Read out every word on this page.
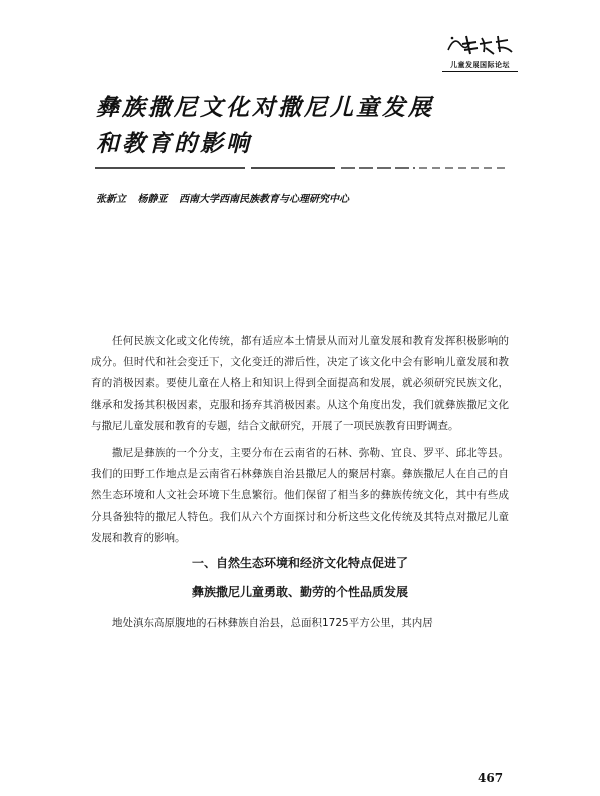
儿童发展国际论坛
彝族撒尼文化对撒尼儿童发展
和教育的影响
张新立 杨静亚 西南大学西南民族教育与心理研究中心

任何民族文化或文化传统，都有适应本土情景从而对儿童发展和教育发挥积极影响的成分。但时代和社会变迁下，文化变迁的滞后性，决定了该文化中会有影响儿童发展和教育的消极因素。要使儿童在人格上和知识上得到全面提高和发展，就必须研究民族文化，继承和发扬其积极因素，克服和扬弃其消极因素。从这个角度出发，我们就彝族撒尼文化与撒尼儿童发展和教育的专题，结合文献研究，开展了一项民族教育田野调查。

撒尼是彝族的一个分支，主要分布在云南省的石林、弥勒、宜良、罗平、邱北等县。我们的田野工作地点是云南省石林彝族自治县撒尼人的聚居村寨。彝族撒尼人在自己的自然生态环境和人文社会环境下生息繁衍。他们保留了相当多的彝族传统文化，其中有些成分具备独特的撒尼人特色。我们从六个方面探讨和分析这些文化传统及其特点对撒尼儿童发展和教育的影响。

一、自然生态环境和经济文化特点促进了

彝族撒尼儿童勇敢、勤劳的个性品质发展

地处滇东高原腹地的石林彝族自治县，总面积1725平方公里，其内居

467
